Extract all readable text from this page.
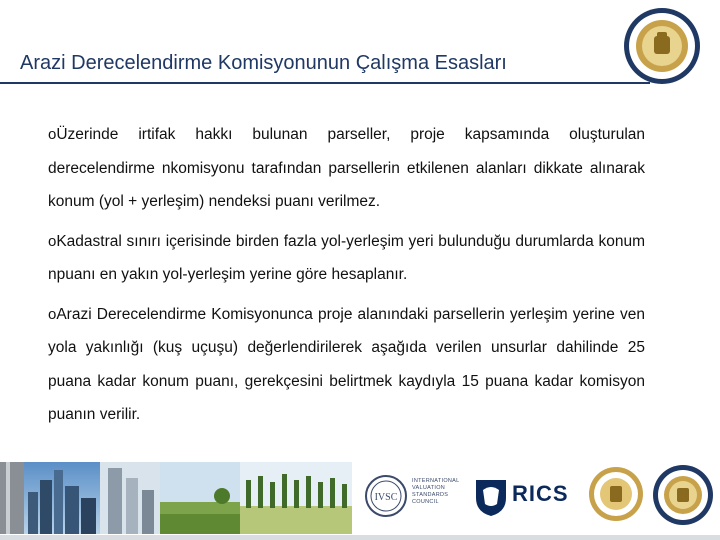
Arazi Derecelendirme Komisyonunun Çalışma Esasları
1946

oÜzerinde irtifak hakkı bulunan parseller, proje kapsamında oluşturulan derecelendirme nkomisyonu tarafından parsellerin etkilenen alanları dikkate alınarak konum (yol + yerleşim) nendeksi puanı verilmez.

oKadastral sınırı içerisinde birden fazla yol-yerleşim yeri bulunduğu durumlarda konum npuanı en yakın yol-yerleşim yerine göre hesaplanır.

oArazi Derecelendirme Komisyonunca proje alanındaki parsellerin yerleşim yerine ven yola yakınlığı (kuş uçuşu) değerlendirilerek aşağıda verilen unsurlar dahilinde 25 puana kadar konum puanı, gerekçesini belirtmek kaydıyla 15 puana kadar komisyon puanın verilir.

IVSC
INTERNATIONAL
VALUATION
STANDARDS
COUNCIL	RICS
